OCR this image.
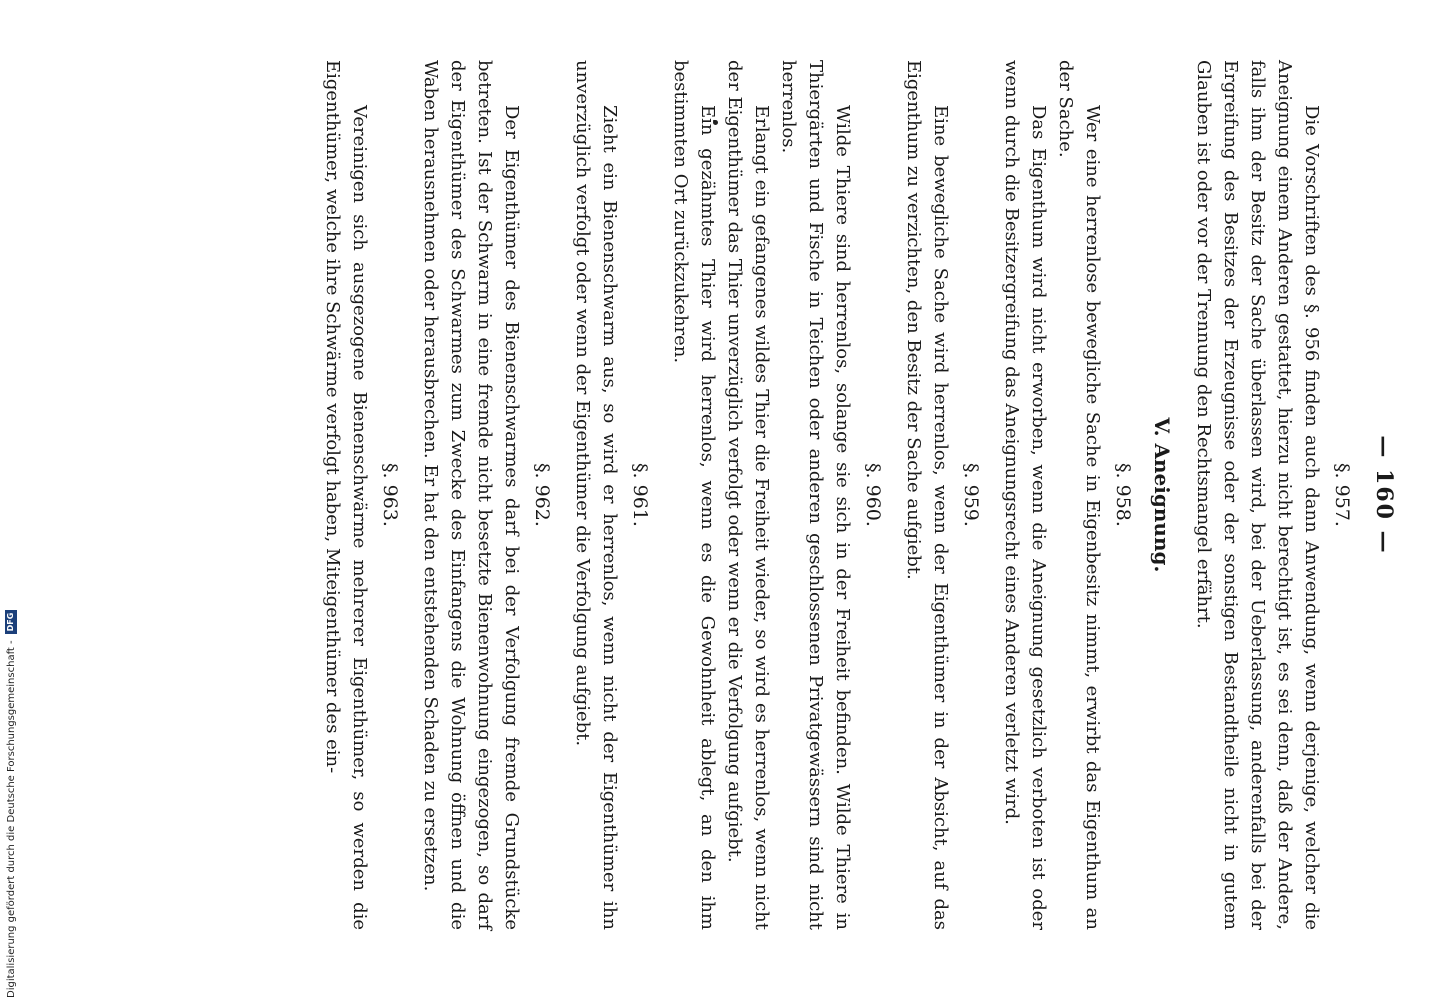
— 160 —
§. 957.

Die Vorschriften des §. 956 finden auch dann Anwendung, wenn derjenige, welcher die Aneignung einem Anderen gestattet, hierzu nicht berechtigt ist, es sei denn, daß der Andere, falls ihm der Besitz der Sache überlassen wird, bei der Ueberlassung, anderenfalls bei der Ergreifung des Besitzes der Erzeugnisse oder der sonstigen Bestandtheile nicht in gutem Glauben ist oder vor der Trennung den Rechtsmangel erfährt.

V. Aneignung.
§. 958.

Wer eine herrenlose bewegliche Sache in Eigenbesitz nimmt, erwirbt das Eigenthum an der Sache.

Das Eigenthum wird nicht erworben, wenn die Aneignung gesetzlich verboten ist oder wenn durch die Besitzergreifung das Aneignungsrecht eines Anderen verletzt wird.

§. 959.

Eine bewegliche Sache wird herrenlos, wenn der Eigenthümer in der Absicht, auf das Eigenthum zu verzichten, den Besitz der Sache aufgiebt.

§. 960.

Wilde Thiere sind herrenlos, solange sie sich in der Freiheit befinden. Wilde Thiere in Thiergärten und Fische in Teichen oder anderen geschlossenen Privatgewässern sind nicht herrenlos.

Erlangt ein gefangenes wildes Thier die Freiheit wieder, so wird es herrenlos, wenn nicht der Eigenthümer das Thier unverzüglich verfolgt oder wenn er die Verfolgung aufgiebt.

Ein gezähmtes Thier wird herrenlos, wenn es die Gewohnheit ablegt, an den ihm bestimmten Ort zurückzukehren.

§. 961.

Zieht ein Bienenschwarm aus, so wird er herrenlos, wenn nicht der Eigenthümer ihn unverzüglich verfolgt oder wenn der Eigenthümer die Verfolgung aufgiebt.

§. 962.

Der Eigenthümer des Bienenschwarmes darf bei der Verfolgung fremde Grundstücke betreten. Ist der Schwarm in eine fremde nicht besetzte Bienenwohnung eingezogen, so darf der Eigenthümer des Schwarmes zum Zwecke des Einfangens die Wohnung öffnen und die Waben herausnehmen oder herausbrechen. Er hat den entstehenden Schaden zu ersetzen.

§. 963.

Vereinigen sich ausgezogene Bienenschwärme mehrerer Eigenthümer, so werden die Eigenthümer, welche ihre Schwärme verfolgt haben, Miteigenthümer des ein-

Digitalisierung gefördert durch die Deutsche Forschungsgemeinschaft -
DFG
